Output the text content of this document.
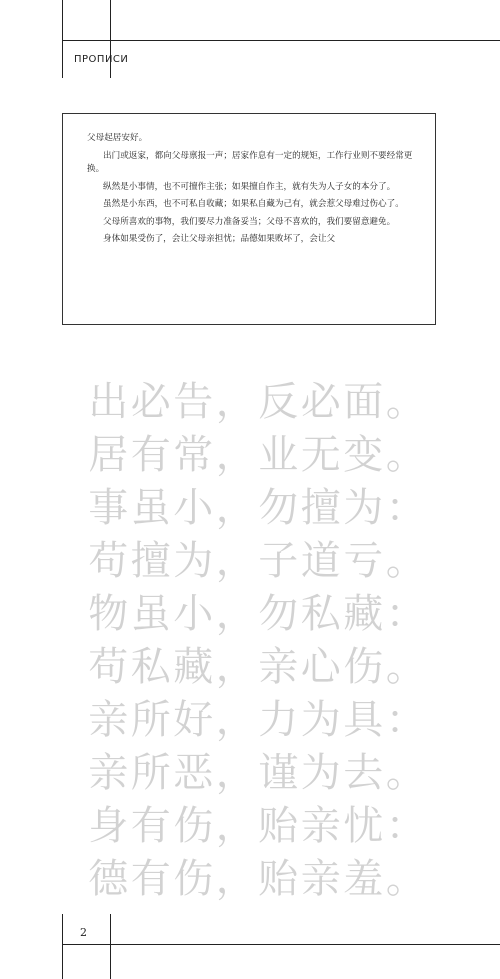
ПРОПИСИ

父母起居安好。

出门或返家，都向父母禀报一声；居家作息有一定的规矩，工作行业则不要经常更换。

纵然是小事情，也不可擅作主张；如果擅自作主，就有失为人子女的本分了。

虽然是小东西，也不可私自收藏；如果私自藏为己有，就会惹父母难过伤心了。

父母所喜欢的事物，我们要尽力准备妥当；父母不喜欢的，我们要留意避免。

身体如果受伤了，会让父母亲担忧；品德如果败坏了，会让父

出 必 告 ， 反 必 面 。
居 有 常 ， 业 无 变 。
事 虽 小 ， 勿 擅 为 ：
苟 擅 为 ， 子 道 亏 。
物 虽 小 ， 勿 私 藏 ：
苟 私 藏 ， 亲 心 伤 。
亲 所 好 ， 力 为 具 ：
亲 所 恶 ， 谨 为 去 。
身 有 伤 ， 贻 亲 忧 ：
德 有 伤 ， 贻 亲 羞 。
2
